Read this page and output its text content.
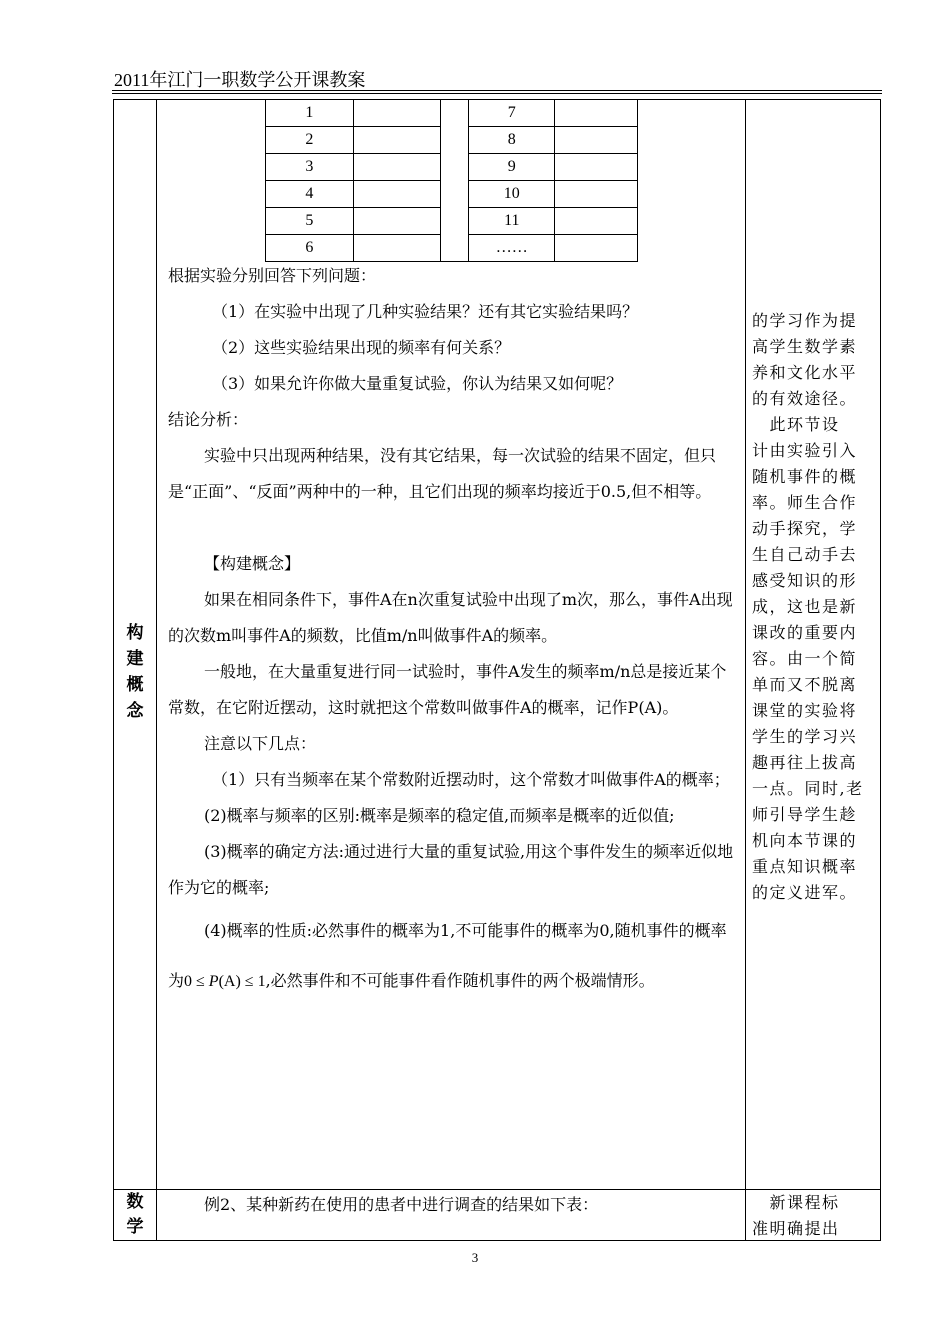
2011年江门一职数学公开课教案
1			7	
2			8	
3			9	
4			10	
5			11	
6			……	
构
建
概
念

根据实验分别回答下列问题：

（1）在实验中出现了几种实验结果？还有其它实验结果吗？

（2）这些实验结果出现的频率有何关系？

（3）如果允许你做大量重复试验，你认为结果又如何呢？

结论分析：

实验中只出现两种结果，没有其它结果，每一次试验的结果不固定，但只是“正面”、“反面”两种中的一种，且它们出现的频率均接近于0.5,但不相等。

【构建概念】

如果在相同条件下，事件A在n次重复试验中出现了m次，那么，事件A出现的次数m叫事件A的频数，比值m/n叫做事件A的频率。

一般地，在大量重复进行同一试验时，事件A发生的频率m/n总是接近某个常数，在它附近摆动，这时就把这个常数叫做事件A的概率，记作P(A)。

注意以下几点：

（1）只有当频率在某个常数附近摆动时，这个常数才叫做事件A的概率；

(2)概率与频率的区别:概率是频率的稳定值,而频率是概率的近似值;

(3)概率的确定方法:通过进行大量的重复试验,用这个事件发生的频率近似地作为它的概率;

(4)概率的性质:必然事件的概率为1,不可能事件的概率为0,随机事件的概率为0 ≤ P(A) ≤ 1,必然事件和不可能事件看作随机事件的两个极端情形。

的学习作为提

高学生数学素

养和文化水平

的有效途径。

　此环节设

计由实验引入

随机事件的概

率。师生合作

动手探究，学

生自己动手去

感受知识的形

成，这也是新

课改的重要内

容。由一个简

单而又不脱离

课堂的实验将

学生的学习兴

趣再往上拔高

一点。同时,老

师引导学生趁

机向本节课的

重点知识概率

的定义进军。

数
学

例2、某种新药在使用的患者中进行调查的结果如下表：	　新课程标

准明确提出

3
